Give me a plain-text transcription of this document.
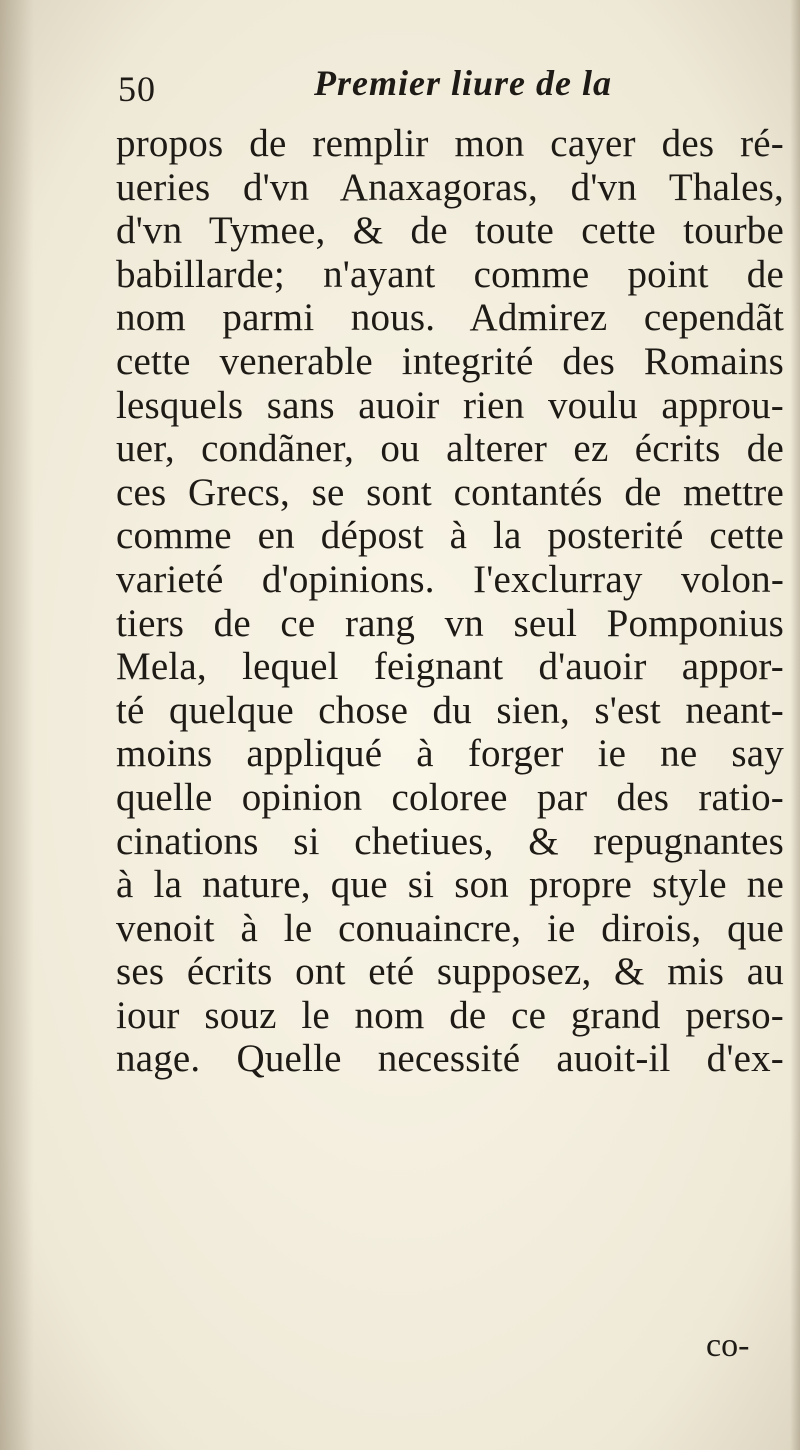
50	Premier liure de la
propos de remplir mon cayer des ré-
ueries d'vn Anaxagoras, d'vn Thales,
d'vn Tymee, & de toute cette tourbe
babillarde; n'ayant comme point de
nom parmi nous. Admirez cependãt
cette venerable integrité des Romains
lesquels sans auoir rien voulu approu-
uer, condãner, ou alterer ez écrits de
ces Grecs, se sont contantés de mettre
comme en dépost à la posterité cette
varieté d'opinions. I'exclurray volon-
tiers de ce rang vn seul Pomponius
Mela, lequel feignant d'auoir appor-
té quelque chose du sien, s'est neant-
moins appliqué à forger ie ne say
quelle opinion coloree par des ratio-
cinations si chetiues, & repugnantes
à la nature, que si son propre style ne
venoit à le conuaincre, ie dirois, que
ses écrits ont eté supposez, & mis au
iour souz le nom de ce grand perso-
nage. Quelle necessité auoit-il d'ex-
co-
